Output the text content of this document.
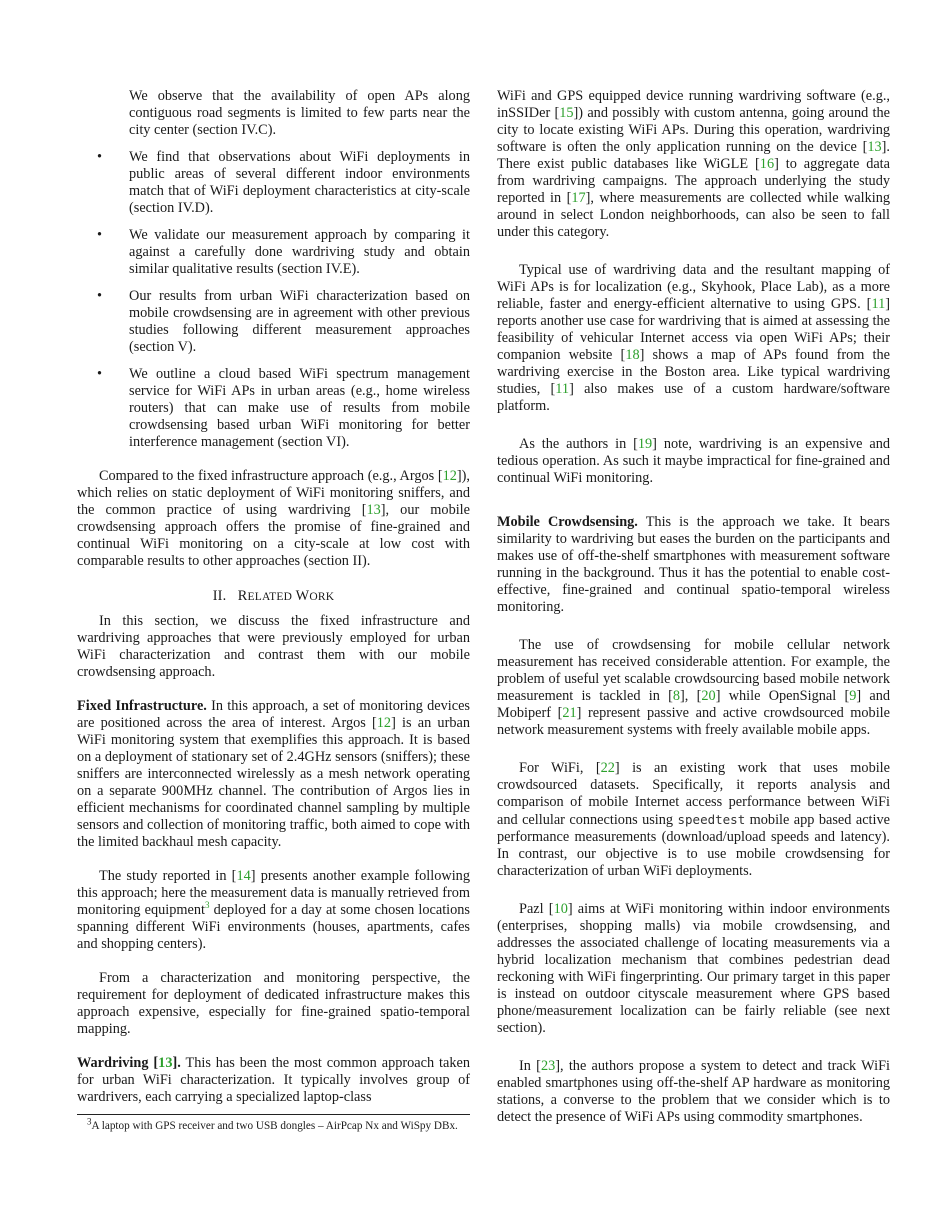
We observe that the availability of open APs along contiguous road segments is limited to few parts near the city center (section IV.C).
• We find that observations about WiFi deployments in public areas of several different indoor environments match that of WiFi deployment characteristics at city-scale (section IV.D).
• We validate our measurement approach by comparing it against a carefully done wardriving study and obtain similar qualitative results (section IV.E).
• Our results from urban WiFi characterization based on mobile crowdsensing are in agreement with other previous studies following different measurement approaches (section V).
• We outline a cloud based WiFi spectrum management service for WiFi APs in urban areas (e.g., home wireless routers) that can make use of results from mobile crowdsensing based urban WiFi monitoring for better interference management (section VI).

Compared to the fixed infrastructure approach (e.g., Argos [12]), which relies on static deployment of WiFi monitoring sniffers, and the common practice of using wardriving [13], our mobile crowdsensing approach offers the promise of fine-grained and continual WiFi monitoring on a city-scale at low cost with comparable results to other approaches (section II).

II. RELATED WORK

In this section, we discuss the fixed infrastructure and wardriving approaches that were previously employed for urban WiFi characterization and contrast them with our mobile crowdsensing approach.

Fixed Infrastructure. In this approach, a set of monitoring devices are positioned across the area of interest. Argos [12] is an urban WiFi monitoring system that exemplifies this approach. It is based on a deployment of stationary set of 2.4GHz sensors (sniffers); these sniffers are interconnected wirelessly as a mesh network operating on a separate 900MHz channel. The contribution of Argos lies in efficient mechanisms for coordinated channel sampling by multiple sensors and collection of monitoring traffic, both aimed to cope with the limited backhaul mesh capacity.

The study reported in [14] presents another example following this approach; here the measurement data is manually retrieved from monitoring equipment$^3$ deployed for a day at some chosen locations spanning different WiFi environments (houses, apartments, cafes and shopping centers).

From a characterization and monitoring perspective, the requirement for deployment of dedicated infrastructure makes this approach expensive, especially for fine-grained spatio-temporal mapping.

Wardriving [13]. This has been the most common approach taken for urban WiFi characterization. It typically involves group of wardrivers, each carrying a specialized laptop-class

$^3$A laptop with GPS receiver and two USB dongles – AirPcap Nx and WiSpy DBx.

WiFi and GPS equipped device running wardriving software (e.g., inSSIDer [15]) and possibly with custom antenna, going around the city to locate existing WiFi APs. During this operation, wardriving software is often the only application running on the device [13]. There exist public databases like WiGLE [16] to aggregate data from wardriving campaigns. The approach underlying the study reported in [17], where measurements are collected while walking around in select London neighborhoods, can also be seen to fall under this category.

Typical use of wardriving data and the resultant mapping of WiFi APs is for localization (e.g., Skyhook, Place Lab), as a more reliable, faster and energy-efficient alternative to using GPS. [11] reports another use case for wardriving that is aimed at assessing the feasibility of vehicular Internet access via open WiFi APs; their companion website [18] shows a map of APs found from the wardriving exercise in the Boston area. Like typical wardriving studies, [11] also makes use of a custom hardware/software platform.

As the authors in [19] note, wardriving is an expensive and tedious operation. As such it maybe impractical for fine-grained and continual WiFi monitoring.

Mobile Crowdsensing. This is the approach we take. It bears similarity to wardriving but eases the burden on the participants and makes use of off-the-shelf smartphones with measurement software running in the background. Thus it has the potential to enable cost-effective, fine-grained and continual spatio-temporal wireless monitoring.

The use of crowdsensing for mobile cellular network measurement has received considerable attention. For example, the problem of useful yet scalable crowdsourcing based mobile network measurement is tackled in [8], [20] while OpenSignal [9] and Mobiperf [21] represent passive and active crowdsourced mobile network measurement systems with freely available mobile apps.

For WiFi, [22] is an existing work that uses mobile crowdsourced datasets. Specifically, it reports analysis and comparison of mobile Internet access performance between WiFi and cellular connections using speedtest mobile app based active performance measurements (download/upload speeds and latency). In contrast, our objective is to use mobile crowdsensing for characterization of urban WiFi deployments.

Pazl [10] aims at WiFi monitoring within indoor environments (enterprises, shopping malls) via mobile crowdsensing, and addresses the associated challenge of locating measurements via a hybrid localization mechanism that combines pedestrian dead reckoning with WiFi fingerprinting. Our primary target in this paper is instead on outdoor cityscale measurement where GPS based phone/measurement localization can be fairly reliable (see next section).

In [23], the authors propose a system to detect and track WiFi enabled smartphones using off-the-shelf AP hardware as monitoring stations, a converse to the problem that we consider which is to detect the presence of WiFi APs using commodity smartphones.
